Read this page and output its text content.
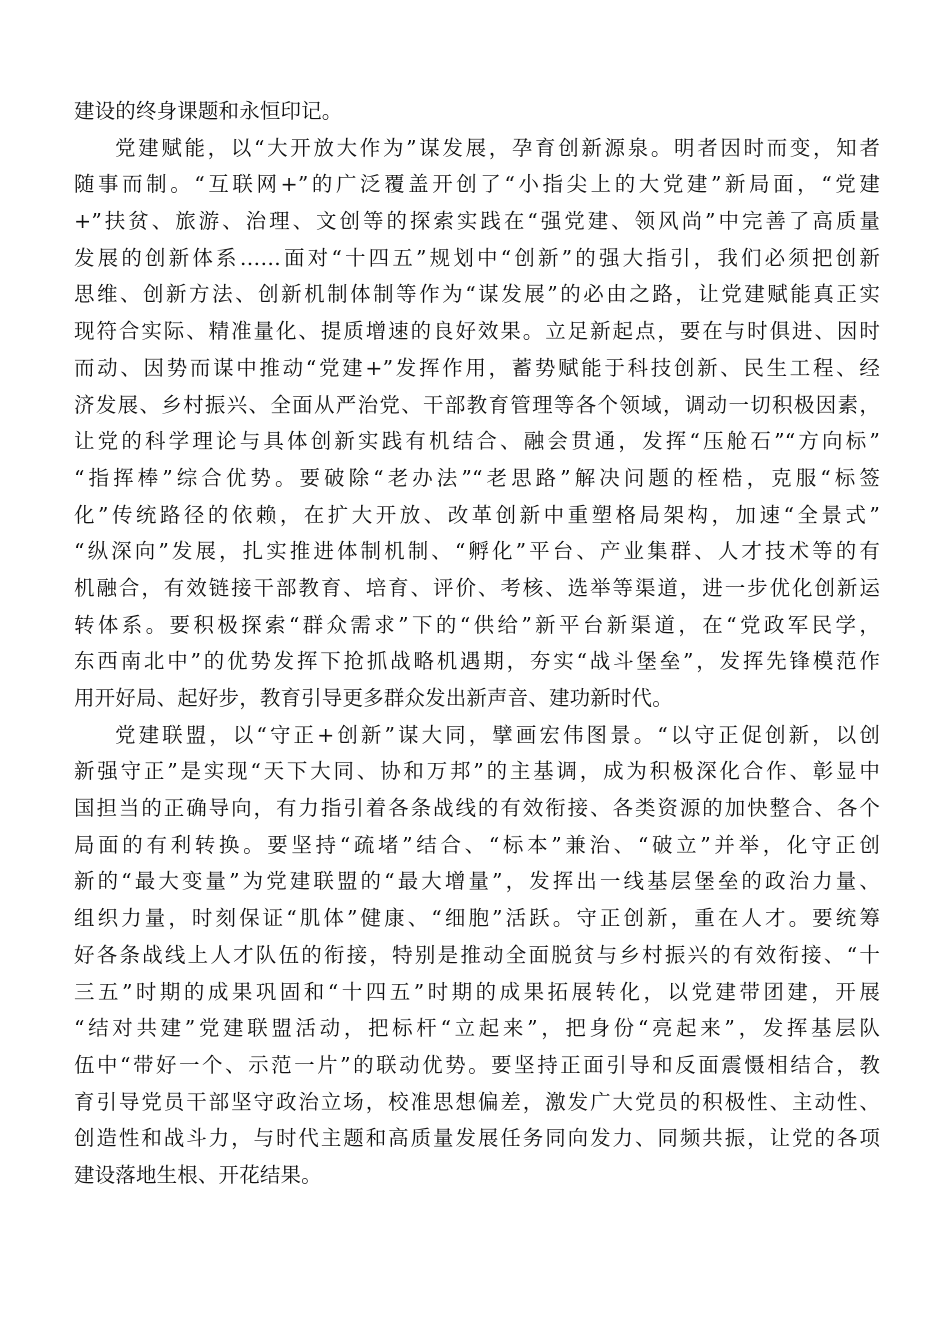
建设的终身课题和永恒印记。
党建赋能，以“大开放大作为”谋发展，孕育创新源泉。明者因时而变，知者
随事而制。“互联网+”的广泛覆盖开创了“小指尖上的大党建”新局面，“党建
+”扶贫、旅游、治理、文创等的探索实践在“强党建、领风尚”中完善了高质量
发展的创新体系……面对“十四五”规划中“创新”的强大指引，我们必须把创新
思维、创新方法、创新机制体制等作为“谋发展”的必由之路，让党建赋能真正实
现符合实际、精准量化、提质增速的良好效果。立足新起点，要在与时俱进、因时
而动、因势而谋中推动“党建+”发挥作用，蓄势赋能于科技创新、民生工程、经
济发展、乡村振兴、全面从严治党、干部教育管理等各个领域，调动一切积极因素，
让党的科学理论与具体创新实践有机结合、融会贯通，发挥“压舱石”“方向标”
“指挥棒”综合优势。要破除“老办法”“老思路”解决问题的桎梏，克服“标签
化”传统路径的依赖，在扩大开放、改革创新中重塑格局架构，加速“全景式”
“纵深向”发展，扎实推进体制机制、“孵化”平台、产业集群、人才技术等的有
机融合，有效链接干部教育、培育、评价、考核、选举等渠道，进一步优化创新运
转体系。要积极探索“群众需求”下的“供给”新平台新渠道，在“党政军民学，
东西南北中”的优势发挥下抢抓战略机遇期，夯实“战斗堡垒”，发挥先锋模范作
用开好局、起好步，教育引导更多群众发出新声音、建功新时代。
党建联盟，以“守正+创新”谋大同，擘画宏伟图景。“以守正促创新，以创
新强守正”是实现“天下大同、协和万邦”的主基调，成为积极深化合作、彰显中
国担当的正确导向，有力指引着各条战线的有效衔接、各类资源的加快整合、各个
局面的有利转换。要坚持“疏堵”结合、“标本”兼治、“破立”并举，化守正创
新的“最大变量”为党建联盟的“最大增量”，发挥出一线基层堡垒的政治力量、
组织力量，时刻保证“肌体”健康、“细胞”活跃。守正创新，重在人才。要统筹
好各条战线上人才队伍的衔接，特别是推动全面脱贫与乡村振兴的有效衔接、“十
三五”时期的成果巩固和“十四五”时期的成果拓展转化，以党建带团建，开展
“结对共建”党建联盟活动，把标杆“立起来”，把身份“亮起来”，发挥基层队
伍中“带好一个、示范一片”的联动优势。要坚持正面引导和反面震慑相结合，教
育引导党员干部坚守政治立场，校准思想偏差，激发广大党员的积极性、主动性、
创造性和战斗力，与时代主题和高质量发展任务同向发力、同频共振，让党的各项
建设落地生根、开花结果。
